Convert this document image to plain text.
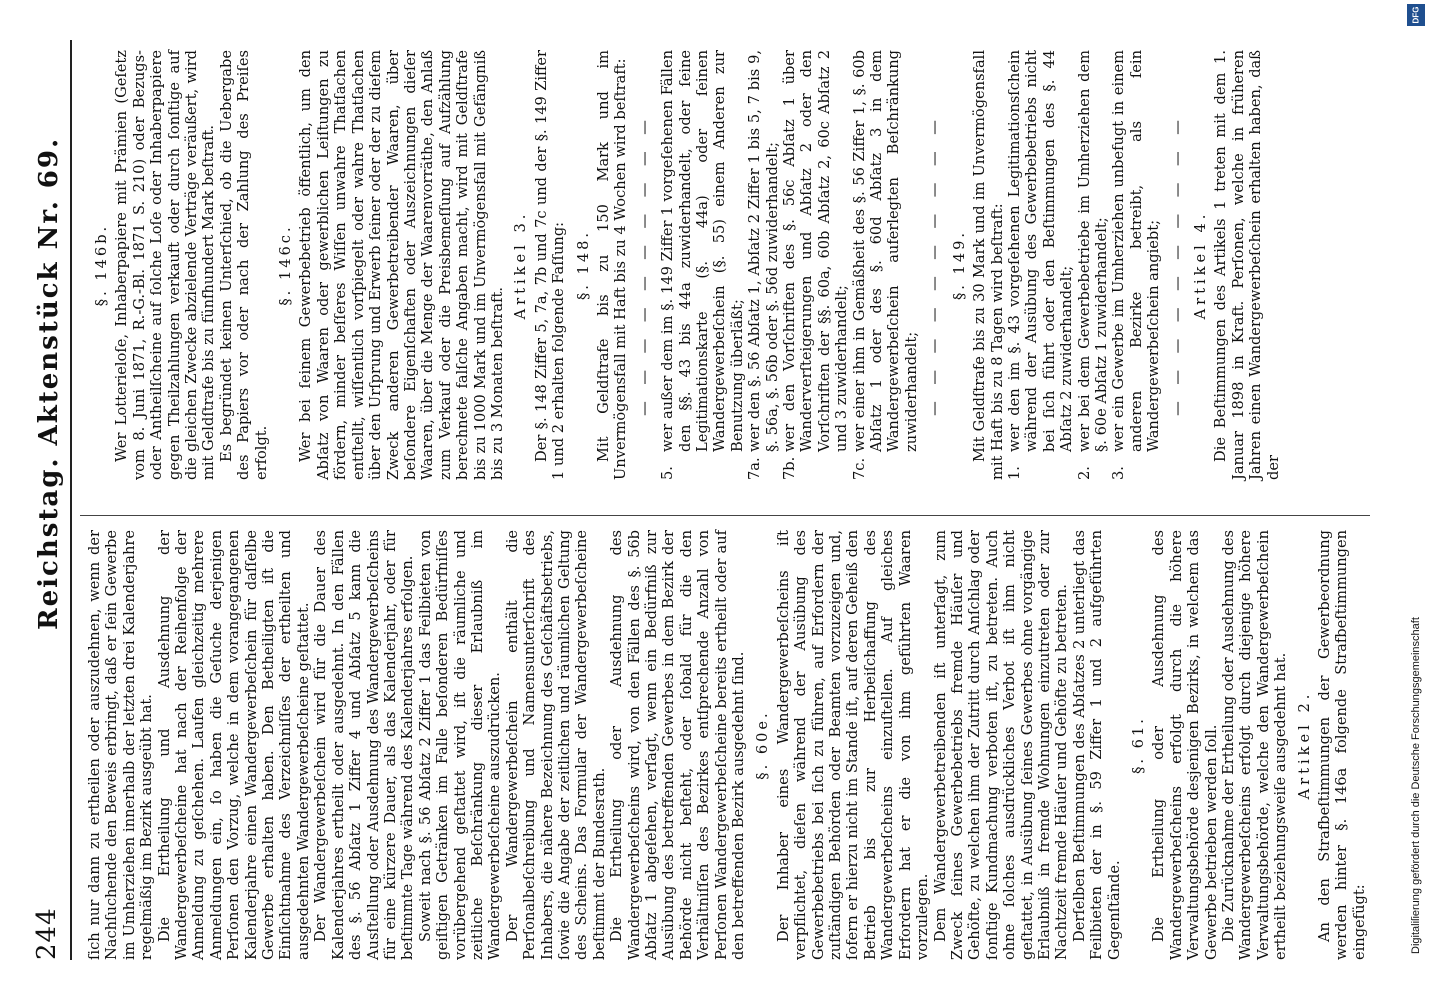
244
Reichstag. Aktenstück Nr. 69.

ſich nur dann zu ertheilen oder auszudehnen, wenn der Nachſuchende den Beweis erbringt, daß er ſein Gewerbe im Umherziehen innerhalb der letzten drei Kalenderjahre regelmäßig im Bezirk ausgeübt hat. Die Ertheilung und Ausdehnung der Wandergewerbeſcheine hat nach der Reihenfolge der Anmeldung zu geſchehen. Laufen gleichzeitig mehrere Anmeldungen ein, ſo haben die Geſuche derjenigen Perſonen den Vorzug, welche in dem vorangegangenen Kalenderjahre einen Wandergewerbeſchein für daſſelbe Gewerbe erhalten haben. Den Betheiligten iſt die Einſichtnahme des Verzeichniſſes der ertheilten und ausgedehnten Wandergewerbeſcheine geſtattet. Der Wandergewerbeſchein wird für die Dauer des Kalenderjahres ertheilt oder ausgedehnt. In den Fällen des §. 56 Abſatz 1 Ziffer 4 und Abſatz 5 kann die Ausſtellung oder Ausdehnung des Wandergewerbeſcheins für eine kürzere Dauer, als das Kalenderjahr, oder für beſtimmte Tage während des Kalenderjahres erfolgen. Soweit nach §. 56 Abſatz 2 Ziffer 1 das Feilbieten von geiſtigen Getränken im Falle beſonderen Bedürfniſſes vorübergehend geſtattet wird, iſt die räumliche und zeitliche Beſchränkung dieser Erlaubniß im Wandergewerbeſcheine auszudrücken. Der Wandergewerbeſchein enthält die Perſonalbeſchreibung und Namensunterſchrift des Inhabers, die nähere Bezeichnung des Geſchäftsbetriebs, ſowie die Angabe der zeitlichen und räumlichen Geltung des Scheins. Das Formular der Wandergewerbeſcheine beſtimmt der Bundesrath. Die Ertheilung oder Ausdehnung des Wandergewerbeſcheins wird, von den Fällen des §. 56b Abſatz 1 abgeſehen, verſagt, wenn ein Bedürfniß zur Ausübung des betreffenden Gewerbes in dem Bezirk der Behörde nicht beſteht, oder ſobald für die den Verhältniſſen des Bezirkes entſprechende Anzahl von Perſonen Wandergewerbeſcheine bereits ertheilt oder auf den betreffenden Bezirk ausgedehnt ſind. §. 60e. Der Inhaber eines Wandergewerbeſcheins iſt verpflichtet, dieſen während der Ausübung des Gewerbebetriebs bei ſich zu führen, auf Erfordern der zuſtändigen Behörden oder Beamten vorzuzeigen und, ſofern er hierzu nicht im Stande iſt, auf deren Geheiß den Betrieb bis zur Herbeiſchaffung des Wandergewerbeſcheins einzuſtellen. Auf gleiches Erfordern hat er die von ihm geführten Waaren vorzulegen. Dem Wandergewerbetreibenden iſt unterſagt, zum Zweck ſeines Gewerbebetriebs fremde Häuſer und Gehöfte, zu welchen ihm der Zutritt durch Anſchlag oder ſonſtige Kundmachung verboten iſt, zu betreten. Auch ohne ſolches ausdrückliches Verbot iſt ihm nicht geſtattet, in Ausübung ſeines Gewerbes ohne vorgängige Erlaubniß in fremde Wohnungen einzutreten oder zur Nachtzeit fremde Häuſer und Gehöfte zu betreten. Derſelben Beſtimmungen des Abſatzes 2 unterliegt das Feilbieten der in §. 59 Ziffer 1 und 2 aufgeführten Gegenſtände.

§. 61. Die Ertheilung oder Ausdehnung des Wandergewerbeſcheins erfolgt durch die höhere Verwaltungsbehörde desjenigen Bezirks, in welchem das Gewerbe betrieben werden ſoll. Die Zurücknahme der Ertheilung oder Ausdehnung des Wandergewerbeſcheins erfolgt durch diejenige höhere Verwaltungsbehörde, welche den Wandergewerbeſchein ertheilt beziehungsweiſe ausgedehnt hat. Artikel 2. An den Strafbeſtimmungen der Gewerbeordnung werden hinter §. 146a folgende Strafbeſtimmungen eingefügt:

§. 146b. Wer Lotterieloſe, Inhaberpapiere mit Prämien (Geſetz vom 8. Juni 1871, R.-G.-Bl. 1871 S. 210) oder Bezugs- oder Antheilſcheine auf ſolche Loſe oder Inhaberpapiere gegen Theilzahlungen verkauft oder durch ſonſtige auf die gleichen Zwecke abzielende Verträge veräußert, wird mit Geldſtrafe bis zu fünfhundert Mark beſtraft. Es begründet keinen Unterſchied, ob die Uebergabe des Papiers vor oder nach der Zahlung des Preiſes erfolgt.

§. 146c. Wer bei ſeinem Gewerbebetrieb öffentlich, um den Abſatz von Waaren oder gewerblichen Leiſtungen zu fördern, minder beſſeres Wiſſen unwahre Thatſachen entſtellt, wiſſentlich vorſpiegelt oder wahre Thatſachen über den Urſprung und Erwerb ſeiner oder der zu dieſem Zweck anderen Gewerbetreibender Waaren, über beſondere Eigenſchaften oder Auszeichnungen dieſer Waaren, über die Menge der Waarenvorräthe, den Anlaß zum Verkauf oder die Preisbemeſſung auf Aufzählung berechnete falſche Angaben macht, wird mit Geldſtrafe bis zu 1000 Mark und im Unvermögensfall mit Gefängniß bis zu 3 Monaten beſtraft.

Artikel 3. Der §. 148 Ziffer 5, 7a, 7b und 7c und der §. 149 Ziffer 1 und 2 erhalten folgende Faſſung: §. 148. Mit Geldſtrafe bis zu 150 Mark und im Unvermögensfall mit Haft bis zu 4 Wochen wird beſtraft: — — — — — — — — — —
5.
wer außer dem im §. 149 Ziffer 1 vorgeſehenen Fällen den §§. 43 bis 44a zuwiderhandelt, oder ſeine Legitimationskarte (§. 44a) oder ſeinen Wandergewerbeſchein (§. 55) einem Anderen zur Benutzung überläßt;
7a.
wer den §. 56 Abſatz 1, Abſatz 2 Ziffer 1 bis 5, 7 bis 9, §. 56a, §. 56b oder §. 56d zuwiderhandelt;
7b.
wer den Vorſchriften des §. 56c Abſatz 1 über Wanderverſteigerungen und Abſatz 2 oder den Vorſchriften der §§. 60a, 60b Abſatz 2, 60c Abſatz 2 und 3 zuwiderhandelt;
7c.
wer einer ihm in Gemäßheit des §. 56 Ziffer 1, §. 60b Abſatz 1 oder des §. 60d Abſatz 3 in dem Wandergewerbeſchein auferlegten Beſchränkung zuwiderhandelt; — — — — — — — — — — §. 149. Mit Geldſtrafe bis zu 30 Mark und im Unvermögensfall mit Haft bis zu 8 Tagen wird beſtraft: 1.
wer den im §. 43 vorgeſehenen Legitimationsſchein während der Ausübung des Gewerbebetriebs nicht bei ſich führt oder den Beſtimmungen des §. 44 Abſatz 2 zuwiderhandelt;
2.
wer bei dem Gewerbebetriebe im Umherziehen dem §. 60e Abſatz 1 zuwiderhandelt;
3.
wer ein Gewerbe im Umherziehen unbefugt in einem anderen Bezirke betreibt, als ſein Wandergewerbeſchein angiebt; — — — — — — — — — — Artikel 4. Die Beſtimmungen des Artikels 1 treten mit dem 1. Januar 1898 in Kraft. Perſonen, welche in früheren Jahren einen Wandergewerbeſchein erhalten haben, daß der

DFG
Digitaliſierung gefördert durch die Deutsche Forschungsgemeinschaft
